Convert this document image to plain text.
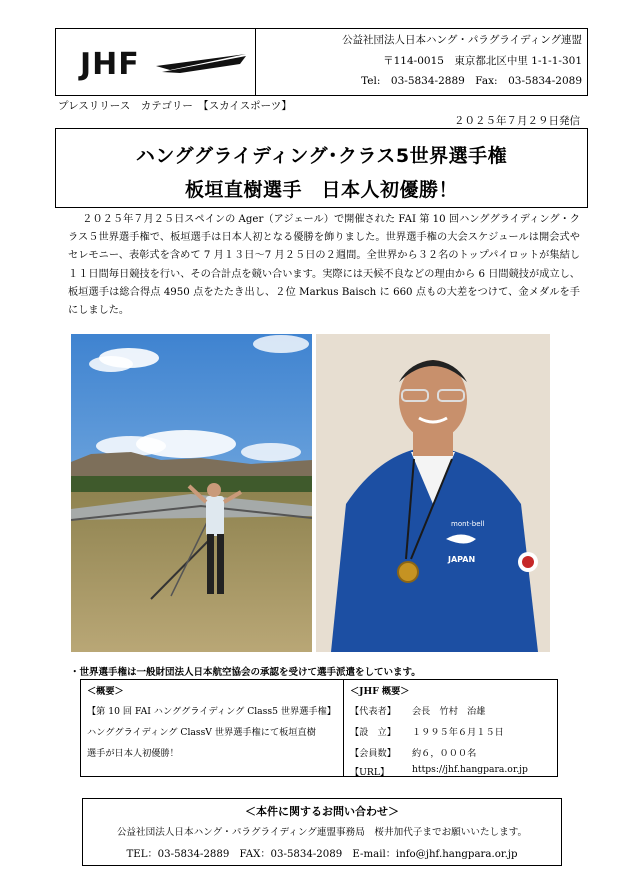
JHF
公益社団法人日本ハング・パラグライディング連盟
〒114-0015　東京都北区中里 1-1-1-301
Tel:　03-5834-2889　Fax:　03-5834-2089
プレスリリース　カテゴリー　【スカイスポーツ】
２０２５年７月２９日発信
ハンググライディング･クラス5世界選手権
板垣直樹選手　日本人初優勝！
２０２５年７月２５日スペインの Ager（アジェール）で開催された FAI 第 10 回ハンググライディング・クラス５世界選手権で、板垣選手は日本人初となる優勝を飾りました。世界選手権の大会スケジュールは開会式やセレモニー、表彰式を含めて 7 月１３日～7 月２５日の２週間。全世界から３２名のトップパイロットが集結し１１日間毎日競技を行い、その合計点を競い合います。実際には天候不良などの理由から 6 日間競技が成立し、板垣選手は総合得点 4950 点をたたき出し、２位 Markus Baisch に 660 点もの大差をつけて、金メダルを手にしました。
mont-bell
JAPAN
・世界選手権は一般財団法人日本航空協会の承認を受けて選手派遣をしています。
＜概要＞
【第 10 回 FAI ハンググライディング Class5 世界選手権】
ハンググライディング ClassV 世界選手権にて板垣直樹
選手が日本人初優勝！
＜JHF 概要＞
【代表者】 会長　竹村　治雄
【設　立】 １９９５年６月１５日
【会員数】 約６，０００名
【URL】 https://jhf.hangpara.or.jp
＜本件に関するお問い合わせ＞
公益社団法人日本ハング・パラグライディング連盟事務局　桜井加代子までお願いいたします。
TEL：03-5834-2889　FAX：03-5834-2089　E-mail：info@jhf.hangpara.or.jp
